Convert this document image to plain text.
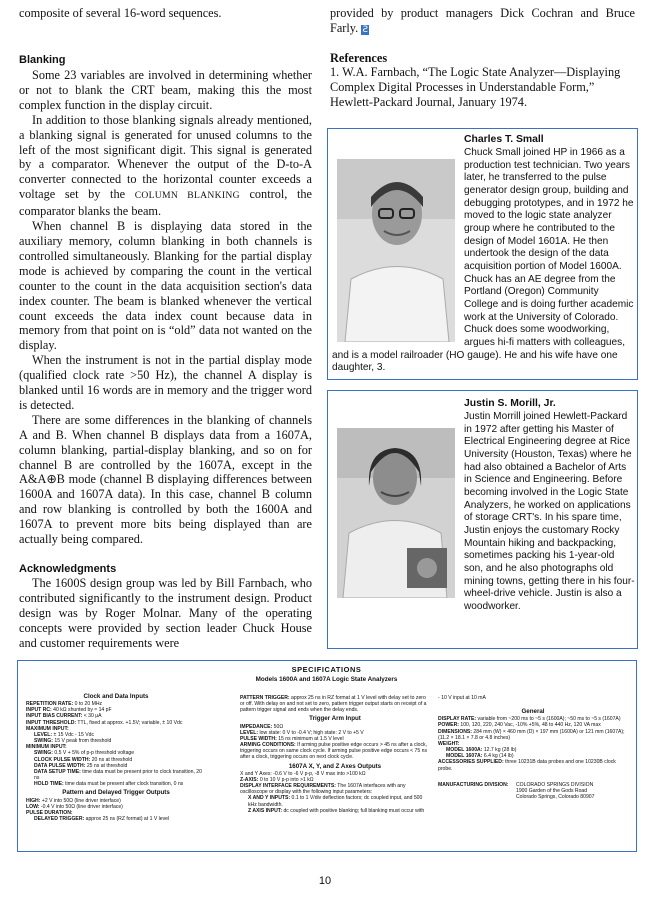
composite of several 16-word sequences.

Blanking

Some 23 variables are involved in determining whether or not to blank the CRT beam, making this the most complex function in the display circuit.

In addition to those blanking signals already mentioned, a blanking signal is generated for unused columns to the left of the most significant digit. This signal is generated by a comparator. Whenever the output of the D-to-A converter connected to the horizontal counter exceeds a voltage set by the COLUMN BLANKING control, the comparator blanks the beam.

When channel B is displaying data stored in the auxiliary memory, column blanking in both channels is controlled simultaneously. Blanking for the partial display mode is achieved by comparing the count in the vertical counter to the count in the data acquisition section's data index counter. The beam is blanked whenever the vertical count exceeds the data index count because data in memory from that point on is “old” data not wanted on the display.

When the instrument is not in the partial display mode (qualified clock rate >50 Hz), the channel A display is blanked until 16 words are in memory and the trigger word is detected.

There are some differences in the blanking of channels A and B. When channel B displays data from a 1607A, column blanking, partial-display blanking, and so on for channel B are controlled by the 1607A, except in the A&A⊕B mode (channel B displaying differences between 1600A and 1607A data). In this case, channel B column and row blanking is controlled by both the 1600A and 1607A to prevent more bits being displayed than are actually being compared.

Acknowledgments

The 1600S design group was led by Bill Farnbach, who contributed significantly to the instrument design. Product design was by Roger Molnar. Many of the operating concepts were provided by section leader Chuck House and customer requirements were

provided by product managers Dick Cochran and Bruce Farly. Ƨ

References

1. W.A. Farnbach, “The Logic State Analyzer—Displaying Complex Digital Processes in Understandable Form,” Hewlett-Packard Journal, January 1974.

Charles T. Small

Chuck Small joined HP in 1966 as a production test technician. Two years later, he transferred to the pulse generator design group, building and debugging prototypes, and in 1972 he moved to the logic state analyzer group where he contributed to the design of Model 1601A. He then undertook the design of the data acquisition portion of Model 1600A. Chuck has an AE degree from the Portland (Oregon) Community College and is doing further academic work at the University of Colorado. Chuck does some woodworking, argues hi-fi matters with colleagues, and is a model railroader (HO gauge). He and his wife have one daughter, 3.

Justin S. Morill, Jr.

Justin Morrill joined Hewlett-Packard in 1972 after getting his Master of Electrical Engineering degree at Rice University (Houston, Texas) where he had also obtained a Bachelor of Arts in Science and Engineering. Before becoming involved in the Logic State Analyzers, he worked on applications of storage CRT's. In his spare time, Justin enjoys the customary Rocky Mountain hiking and backpacking, sometimes packing his 1-year-old son, and he also photographs old mining towns, getting there in his four-wheel-drive vehicle. Justin is also a woodworker.

SPECIFICATIONS
Models 1600A and 1607A Logic State Analyzers
Clock and Data Inputs

REPETITION RATE: 0 to 20 MHz

INPUT RC: 40 kΩ shunted by ≈ 14 pF

INPUT BIAS CURRENT: < 30 μA

INPUT THRESHOLD: TTL, fixed at approx. +1.5V; variable, ± 10 Vdc

MAXIMUM INPUT:

LEVEL: ± 15 Vdc - 15 Vdc

SWING: 15 V peak from threshold

MINIMUM INPUT:

SWING: 0.5 V + 5% of p-p threshold voltage

CLOCK PULSE WIDTH: 20 ns at threshold

DATA PULSE WIDTH: 25 ns at threshold

DATA SETUP TIME: time data must be present prior to clock transition, 20 ns

HOLD TIME: time data must be present after clock transition, 0 ns

Pattern and Delayed Trigger Outputs

HIGH: +2 V into 50Ω (line driver interface)

LOW: -0.4 V into 50Ω (line driver interface)

PULSE DURATION:

DELAYED TRIGGER: approx 25 ns (RZ format) at 1 V level

PATTERN TRIGGER: approx 25 ns in RZ format at 1 V level with delay set to zero or off. With delay on and not set to zero, pattern trigger output starts on receipt of a pattern trigger signal and ends when the delay ends.

Trigger Arm Input

IMPEDANCE: 50Ω

LEVEL: low state: 0 V to -0.4 V; high state: 2 V to +5 V

PULSE WIDTH: 15 ns minimum at 1.5 V level

ARMING CONDITIONS: If arming pulse positive edge occurs > 45 ns after a clock, triggering occurs on same clock cycle. If arming pulse positive edge occurs < 75 ns after a clock, triggering occurs on next clock cycle.

1607A X, Y, and Z Axes Outputs

X and Y Axes: -0.6 V to -6 V p-p, -8 V max into >100 kΩ

Z-AXIS: 0 to 10 V p-p into >1 kΩ

DISPLAY INTERFACE REQUIREMENTS: The 1607A interfaces with any oscilloscope or display with the following input parameters:

X AND Y INPUTS: 0.1 to 1 V/div deflection factors; dc coupled input, and 500 kHz bandwidth.

Z AXIS INPUT: dc coupled with positive blanking; full blanking must occur with

- 10 V input at 10 mA

General

DISPLAY RATE: variable from ~200 ms to ~5 s (1600A); ~50 ms to ~5 s (1607A)

POWER: 100, 120, 220, 240 Vac, -10% +5%, 48 to 440 Hz, 120 VA max

DIMENSIONS: 284 mm (W) × 460 mm (D) × 197 mm (1600A) or 121 mm (1607A); (11.2 × 18.1 × 7.8 or 4.8 inches)

WEIGHT:

MODEL 1600A: 12.7 kg (28 lb)

MODEL 1607A: 6.4 kg (14 lb)

ACCESSORIES SUPPLIED: three 10231B data probes and one 10230B clock probe.

MANUFACTURING DIVISION:	COLORADO SPRINGS DIVISION

1900 Garden of the Gods Road

Colorado Springs, Colorado 80907

10
